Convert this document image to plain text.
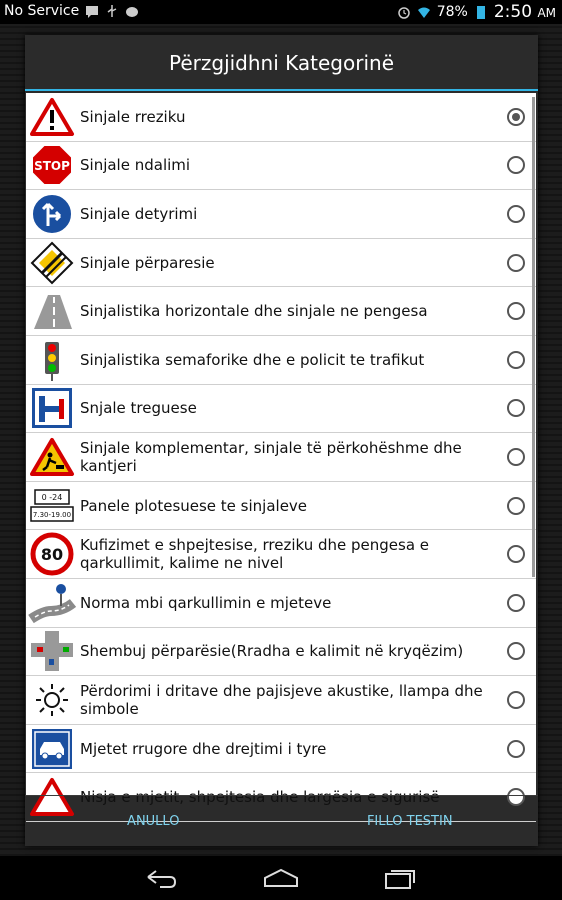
No Service	78% 2:50 AM
Përzgjidhni Kategorinë
Sinjale rreziku
STOP Sinjale ndalimi
Sinjale detyrimi
Sinjale përparesie
Sinjalistika horizontale dhe sinjale ne pengesa
Sinjalistika semaforike dhe e policit te trafikut
Snjale treguese
Sinjale komplementar, sinjale të përkohëshme dhe kantjeri
0 -24
7.30-19.00 Panele plotesuese te sinjaleve
80 Kufizimet e shpejtesise, rreziku dhe pengesa e qarkullimit, kalime ne nivel
Norma mbi qarkullimin e mjeteve
Shembuj përparësie(Rradha e kalimit në kryqëzim)
Përdorimi i dritave dhe pajisjeve akustike, llampa dhe simbole
Mjetet rrugore dhe drejtimi i tyre
Nisja e mjetit, shpejtesia dhe largësia e sigurisë
ANULLO	FILLO TESTIN
